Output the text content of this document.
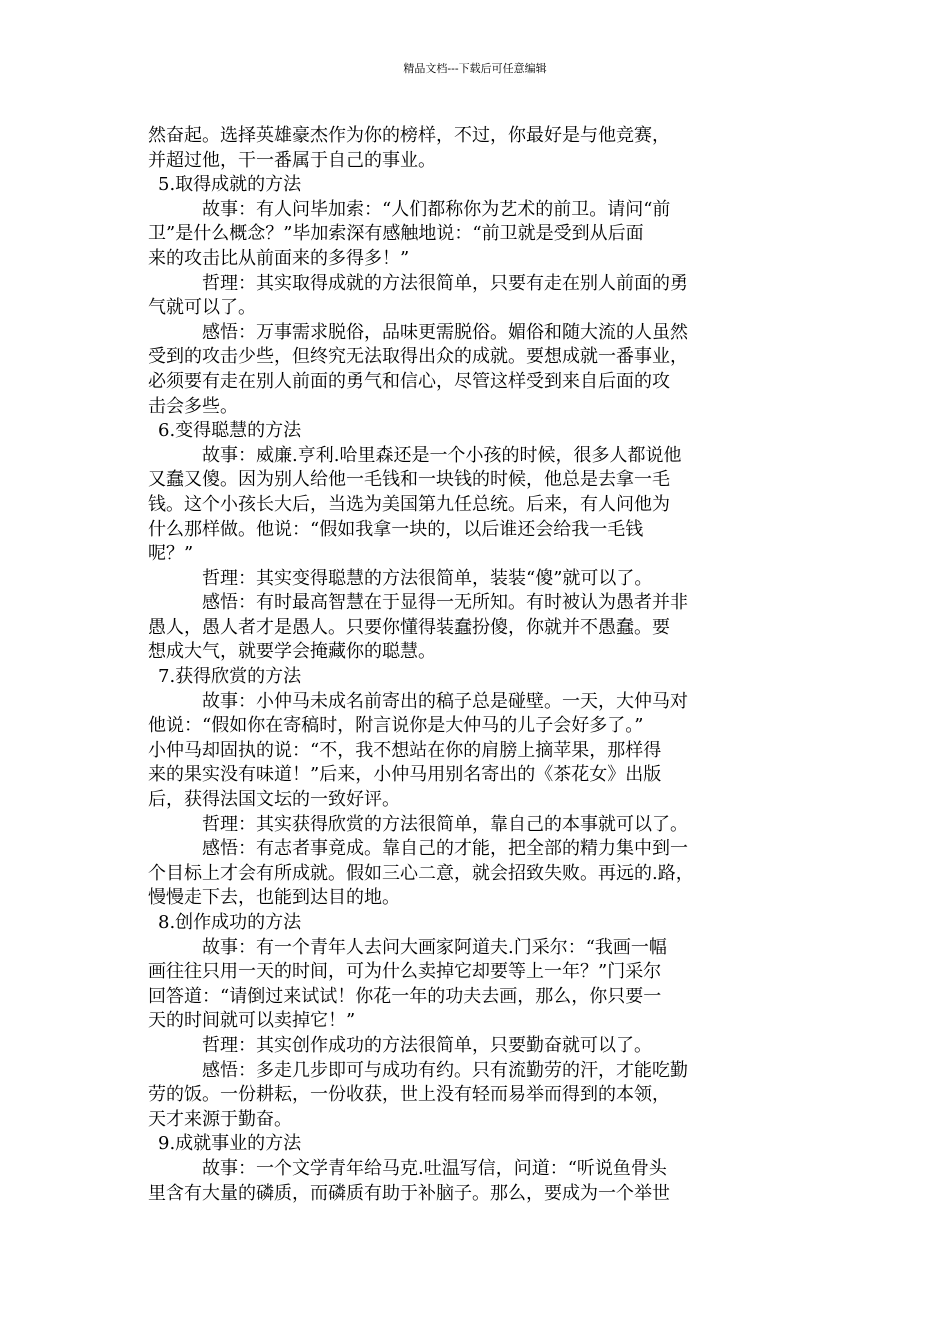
精品文档---下载后可任意编辑
然奋起。选择英雄豪杰作为你的榜样，不过，你最好是与他竞赛，
并超过他，干一番属于自己的事业。
5.取得成就的方法
故事：有人问毕加索：“人们都称你为艺术的前卫。请问“前
卫”是什么概念？”毕加索深有感触地说：“前卫就是受到从后面
来的攻击比从前面来的多得多！”
哲理：其实取得成就的方法很简单，只要有走在别人前面的勇
气就可以了。
感悟：万事需求脱俗，品味更需脱俗。媚俗和随大流的人虽然
受到的攻击少些，但终究无法取得出众的成就。要想成就一番事业，
必须要有走在别人前面的勇气和信心，尽管这样受到来自后面的攻
击会多些。
6.变得聪慧的方法
故事：威廉.亨利.哈里森还是一个小孩的时候，很多人都说他
又蠢又傻。因为别人给他一毛钱和一块钱的时候，他总是去拿一毛
钱。这个小孩长大后，当选为美国第九任总统。后来，有人问他为
什么那样做。他说：“假如我拿一块的，以后谁还会给我一毛钱
呢？”
哲理：其实变得聪慧的方法很简单，装装“傻”就可以了。
感悟：有时最高智慧在于显得一无所知。有时被认为愚者并非
愚人，愚人者才是愚人。只要你懂得装蠢扮傻，你就并不愚蠢。要
想成大气，就要学会掩藏你的聪慧。
7.获得欣赏的方法
故事：小仲马未成名前寄出的稿子总是碰壁。一天，大仲马对
他说：“假如你在寄稿时，附言说你是大仲马的儿子会好多了。”
小仲马却固执的说：“不，我不想站在你的肩膀上摘苹果，那样得
来的果实没有味道！”后来，小仲马用别名寄出的《茶花女》出版
后，获得法国文坛的一致好评。
哲理：其实获得欣赏的方法很简单，靠自己的本事就可以了。
感悟：有志者事竟成。靠自己的才能，把全部的精力集中到一
个目标上才会有所成就。假如三心二意，就会招致失败。再远的.路，
慢慢走下去，也能到达目的地。
8.创作成功的方法
故事：有一个青年人去问大画家阿道夫.门采尔：“我画一幅
画往往只用一天的时间，可为什么卖掉它却要等上一年？”门采尔
回答道：“请倒过来试试！你花一年的功夫去画，那么，你只要一
天的时间就可以卖掉它！”
哲理：其实创作成功的方法很简单，只要勤奋就可以了。
感悟：多走几步即可与成功有约。只有流勤劳的汗，才能吃勤
劳的饭。一份耕耘，一份收获，世上没有轻而易举而得到的本领，
天才来源于勤奋。
9.成就事业的方法
故事：一个文学青年给马克.吐温写信，问道：“听说鱼骨头
里含有大量的磷质，而磷质有助于补脑子。那么，要成为一个举世
